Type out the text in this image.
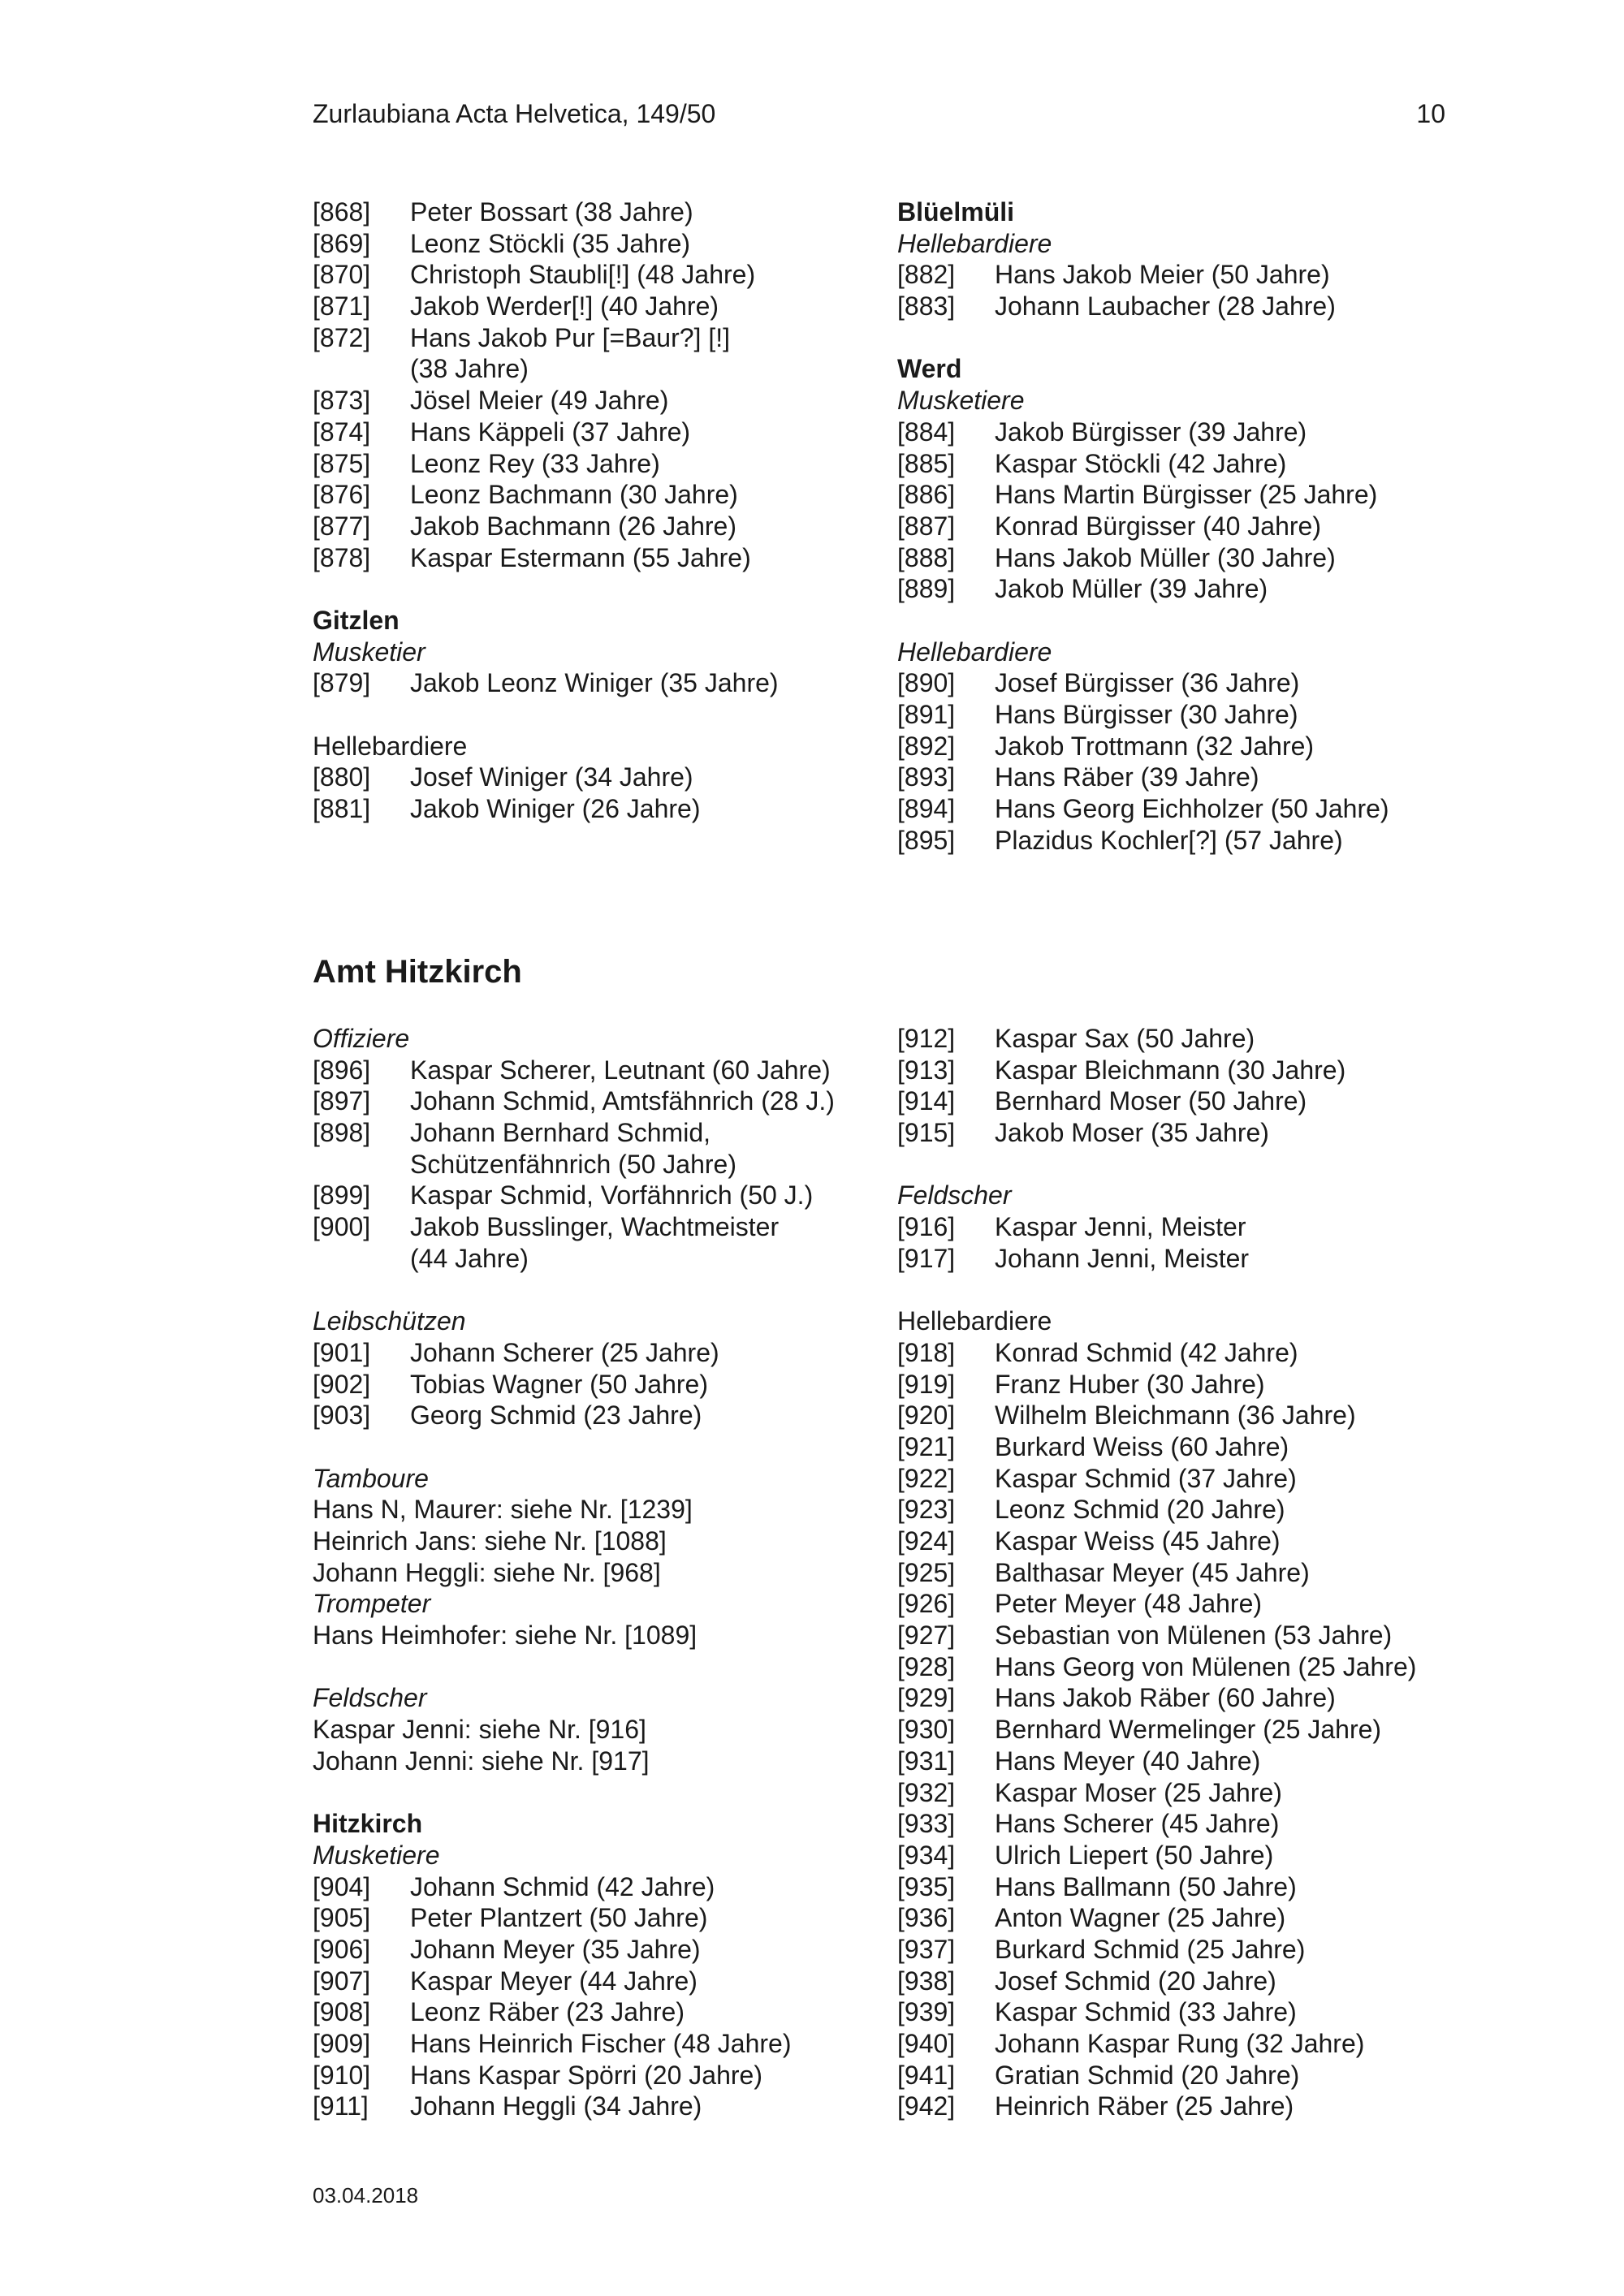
Zurlaubiana Acta Helvetica, 149/50	10
[868] Peter Bossart (38 Jahre)
[869] Leonz Stöckli (35 Jahre)
[870] Christoph Staubli[!] (48 Jahre)
[871] Jakob Werder[!] (40 Jahre)
[872] Hans Jakob Pur [=Baur?] [!]
(38 Jahre)
[873] Jösel Meier (49 Jahre)
[874] Hans Käppeli (37 Jahre)
[875] Leonz Rey (33 Jahre)
[876] Leonz Bachmann (30 Jahre)
[877] Jakob Bachmann (26 Jahre)
[878] Kaspar Estermann (55 Jahre)
Gitzlen
Musketier
[879] Jakob Leonz Winiger (35 Jahre)
Hellebardiere
[880] Josef Winiger (34 Jahre)
[881] Jakob Winiger (26 Jahre)
Blüelmüli
Hellebardiere
[882] Hans Jakob Meier (50 Jahre)
[883] Johann Laubacher (28 Jahre)
Werd
Musketiere
[884] Jakob Bürgisser (39 Jahre)
[885] Kaspar Stöckli (42 Jahre)
[886] Hans Martin Bürgisser (25 Jahre)
[887] Konrad Bürgisser (40 Jahre)
[888] Hans Jakob Müller (30 Jahre)
[889] Jakob Müller (39 Jahre)
Hellebardiere
[890] Josef Bürgisser (36 Jahre)
[891] Hans Bürgisser (30 Jahre)
[892] Jakob Trottmann (32 Jahre)
[893] Hans Räber (39 Jahre)
[894] Hans Georg Eichholzer (50 Jahre)
[895] Plazidus Kochler[?] (57 Jahre)
Amt Hitzkirch
Offiziere
[896] Kaspar Scherer, Leutnant (60 Jahre)
[897] Johann Schmid, Amtsfähnrich (28 J.)
[898] Johann Bernhard Schmid,
Schützenfähnrich (50 Jahre)
[899] Kaspar Schmid, Vorfähnrich (50 J.)
[900] Jakob Busslinger, Wachtmeister
(44 Jahre)
Leibschützen
[901] Johann Scherer (25 Jahre)
[902] Tobias Wagner (50 Jahre)
[903] Georg Schmid (23 Jahre)
Tamboure
Hans N, Maurer: siehe Nr. [1239]
Heinrich Jans: siehe Nr. [1088]
Johann Heggli: siehe Nr. [968]
Trompeter
Hans Heimhofer: siehe Nr. [1089]
Feldscher
Kaspar Jenni: siehe Nr. [916]
Johann Jenni: siehe Nr. [917]
Hitzkirch
Musketiere
[904] Johann Schmid (42 Jahre)
[905] Peter Plantzert (50 Jahre)
[906] Johann Meyer (35 Jahre)
[907] Kaspar Meyer (44 Jahre)
[908] Leonz Räber (23 Jahre)
[909] Hans Heinrich Fischer (48 Jahre)
[910] Hans Kaspar Spörri (20 Jahre)
[911] Johann Heggli (34 Jahre)
[912] Kaspar Sax (50 Jahre)
[913] Kaspar Bleichmann (30 Jahre)
[914] Bernhard Moser (50 Jahre)
[915] Jakob Moser (35 Jahre)
Feldscher
[916] Kaspar Jenni, Meister
[917] Johann Jenni, Meister
Hellebardiere
[918] Konrad Schmid (42 Jahre)
[919] Franz Huber (30 Jahre)
[920] Wilhelm Bleichmann (36 Jahre)
[921] Burkard Weiss (60 Jahre)
[922] Kaspar Schmid (37 Jahre)
[923] Leonz Schmid (20 Jahre)
[924] Kaspar Weiss (45 Jahre)
[925] Balthasar Meyer (45 Jahre)
[926] Peter Meyer (48 Jahre)
[927] Sebastian von Mülenen (53 Jahre)
[928] Hans Georg von Mülenen (25 Jahre)
[929] Hans Jakob Räber (60 Jahre)
[930] Bernhard Wermelinger (25 Jahre)
[931] Hans Meyer (40 Jahre)
[932] Kaspar Moser (25 Jahre)
[933] Hans Scherer (45 Jahre)
[934] Ulrich Liepert (50 Jahre)
[935] Hans Ballmann (50 Jahre)
[936] Anton Wagner (25 Jahre)
[937] Burkard Schmid (25 Jahre)
[938] Josef Schmid (20 Jahre)
[939] Kaspar Schmid (33 Jahre)
[940] Johann Kaspar Rung (32 Jahre)
[941] Gratian Schmid (20 Jahre)
[942] Heinrich Räber (25 Jahre)
03.04.2018
